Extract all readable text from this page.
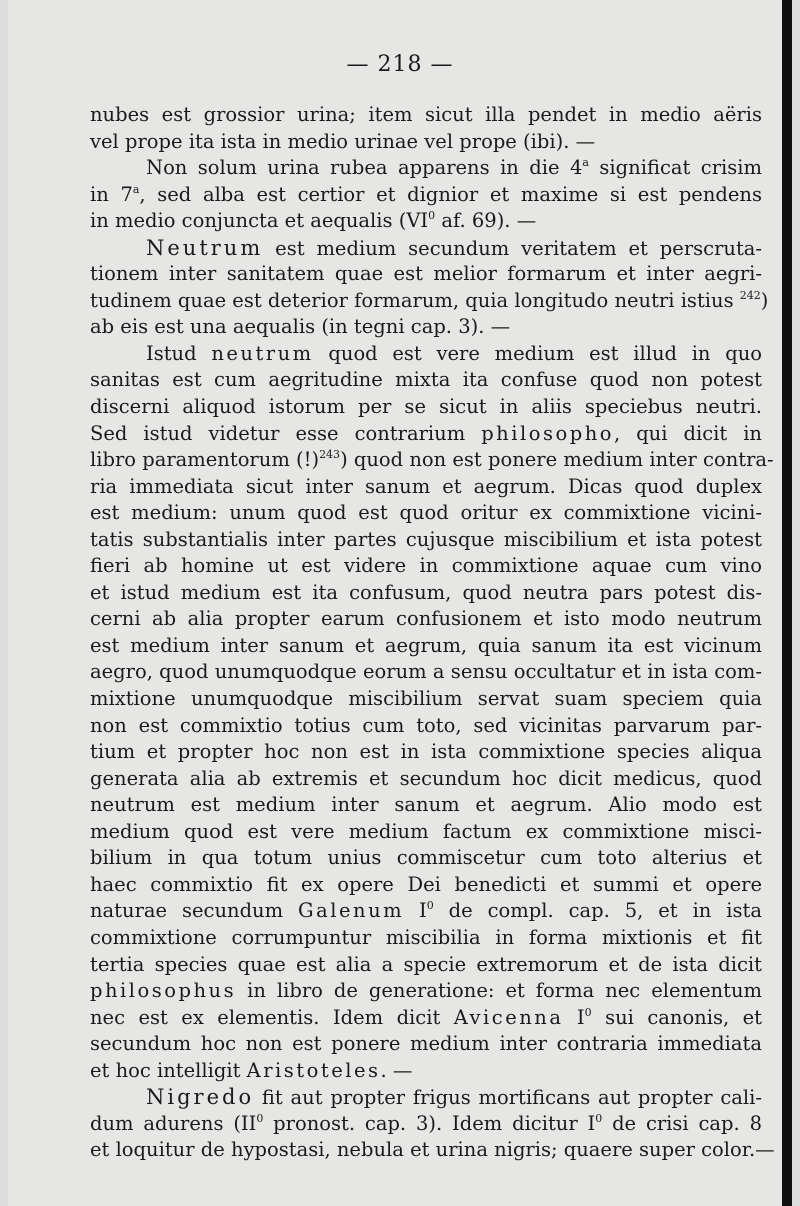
— 218 —
nubes est grossior urina; item sicut illa pendet in medio aëris
vel prope ita ista in medio urinae vel prope (ibi). —
Non solum urina rubea apparens in die 4$^a$ significat crisim
in 7$^a$, sed alba est certior et dignior et maxime si est pendens
in medio conjuncta et aequalis ($VI^0$ af. 69). —
Neutrum est medium secundum veritatem et perscruta-
tionem inter sanitatem quae est melior formarum et inter aegri-
tudinem quae est deterior formarum, quia longitudo neutri istius $^{242}$)
ab eis est una aequalis (in tegni cap. 3). —
Istud neutrum quod est vere medium est illud in quo
sanitas est cum aegritudine mixta ita confuse quod non potest
discerni aliquod istorum per se sicut in aliis speciebus neutri.
Sed istud videtur esse contrarium philosopho, qui dicit in
libro paramentorum (!)$^{243}$) quod non est ponere medium inter contra-
ria immediata sicut inter sanum et aegrum. Dicas quod duplex
est medium: unum quod est quod oritur ex commixtione vicini-
tatis substantialis inter partes cujusque miscibilium et ista potest
fieri ab homine ut est videre in commixtione aquae cum vino
et istud medium est ita confusum, quod neutra pars potest dis-
cerni ab alia propter earum confusionem et isto modo neutrum
est medium inter sanum et aegrum, quia sanum ita est vicinum
aegro, quod unumquodque eorum a sensu occultatur et in ista com-
mixtione unumquodque miscibilium servat suam speciem quia
non est commixtio totius cum toto, sed vicinitas parvarum par-
tium et propter hoc non est in ista commixtione species aliqua
generata alia ab extremis et secundum hoc dicit medicus, quod
neutrum est medium inter sanum et aegrum. Alio modo est
medium quod est vere medium factum ex commixtione misci-
bilium in qua totum unius commiscetur cum toto alterius et
haec commixtio fit ex opere Dei benedicti et summi et opere
naturae secundum Galenum $I^0$ de compl. cap. 5, et in ista
commixtione corrumpuntur miscibilia in forma mixtionis et fit
tertia species quae est alia a specie extremorum et de ista dicit
philosophus in libro de generatione: et forma nec elementum
nec est ex elementis. Idem dicit Avicenna $I^0$ sui canonis, et
secundum hoc non est ponere medium inter contraria immediata
et hoc intelligit Aristoteles. —
Nigredo fit aut propter frigus mortificans aut propter cali-
dum adurens ($II^0$ pronost. cap. 3). Idem dicitur $I^0$ de crisi cap. 8
et loquitur de hypostasi, nebula et urina nigris; quaere super color.—
